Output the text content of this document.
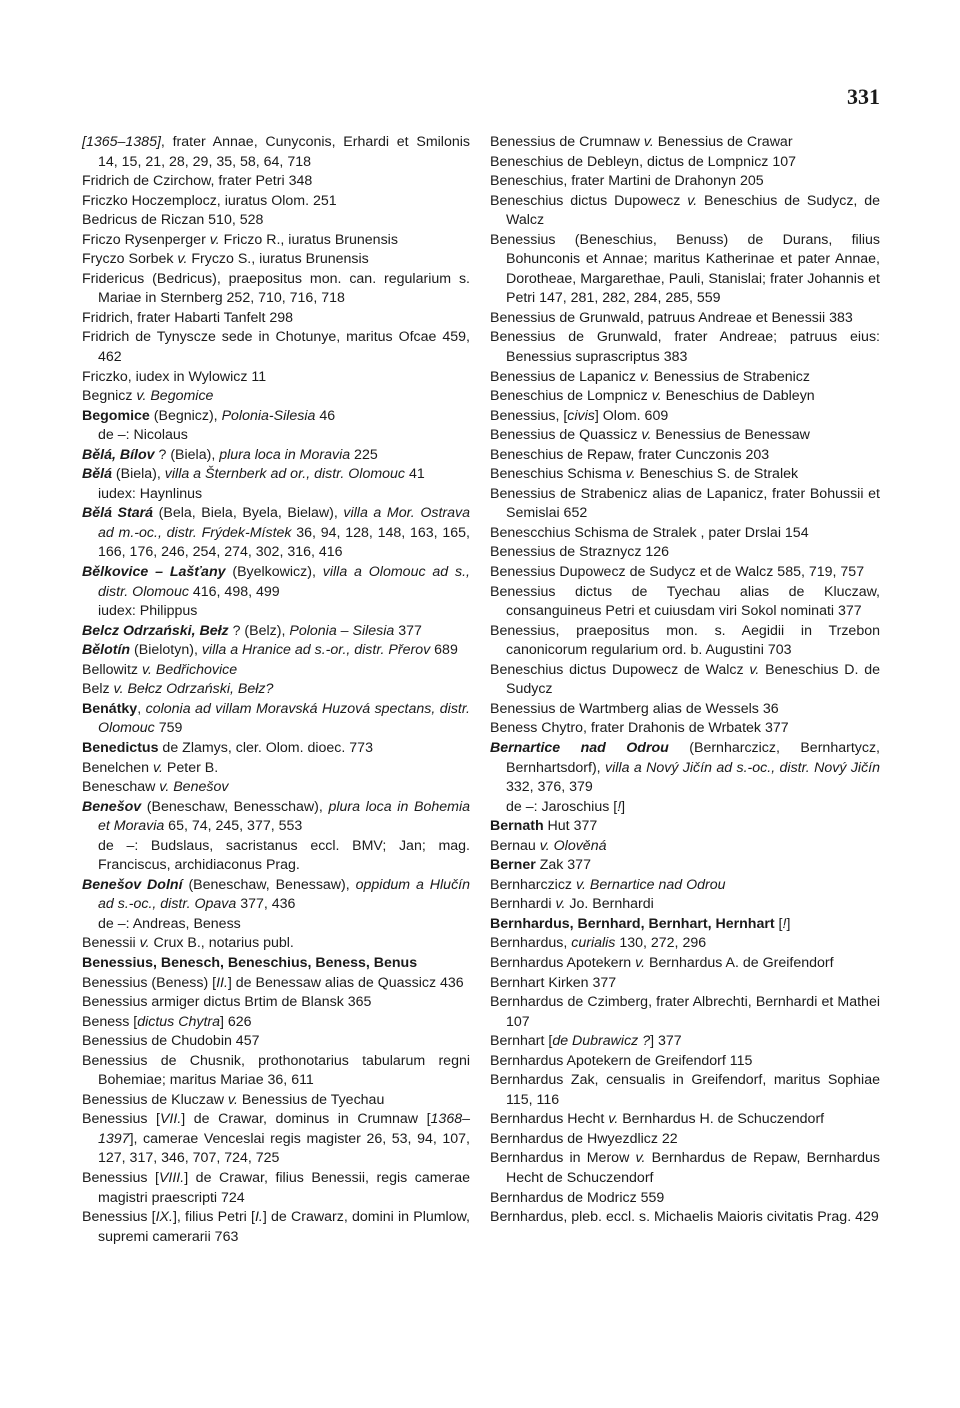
331
[1365–1385], frater Annae, Cunyconis, Erhardi et Smilonis 14, 15, 21, 28, 29, 35, 58, 64, 718
Fridrich de Czirchow, frater Petri 348
Friczko Hoczemplocz, iuratus Olom. 251
Bedricus de Riczan 510, 528
Friczo Rysenperger v. Friczo R., iuratus Brunensis
Fryczo Sorbek v. Fryczo S., iuratus Brunensis
Fridericus (Bedricus), praepositus mon. can. regularium s. Mariae in Sternberg 252, 710, 716, 718
Fridrich, frater Habarti Tanfelt 298
Fridrich de Tynyscze sede in Chotunye, maritus Ofcae 459, 462
Friczko, iudex in Wylowicz 11
Begnicz v. Begomice
Begomice (Begnicz), Polonia-Silesia 46
de –: Nicolaus
Bělá, Bílov ? (Biela), plura loca in Moravia 225
Bělá (Biela), villa a Šternberk ad or., distr. Olomouc 41
iudex: Haynlinus
Bělá Stará (Bela, Biela, Byela, Bielaw), villa a Mor. Ostrava ad m.-oc., distr. Frýdek-Místek 36, 94, 128, 148, 163, 165, 166, 176, 246, 254, 274, 302, 316, 416
Bělkovice – Lašťany (Byelkowicz), villa a Olomouc ad s., distr. Olomouc 416, 498, 499
iudex: Philippus
Belcz Odrzański, Bełz ? (Belz), Polonia – Silesia 377
Bělotín (Bielotyn), villa a Hranice ad s.-or., distr. Přerov 689
Bellowitz v. Bedřichovice
Belz v. Bełcz Odrzański, Bełz?
Benátky, colonia ad villam Moravská Huzová spectans, distr. Olomouc 759
Benedictus de Zlamys, cler. Olom. dioec. 773
Benelchen v. Peter B.
Beneschaw v. Benešov
Benešov (Beneschaw, Benesschaw), plura loca in Bohemia et Moravia 65, 74, 245, 377, 553
de –: Budslaus, sacristanus eccl. BMV; Jan; mag. Franciscus, archidiaconus Prag.
Benešov Dolní (Beneschaw, Benessaw), oppidum a Hlučín ad s.-oc., distr. Opava 377, 436
de –: Andreas, Beness
Benessii v. Crux B., notarius publ.
Benessius, Benesch, Beneschius, Beness, Benus
Benessius (Beness) [II.] de Benessaw alias de Quassicz 436
Benessius armiger dictus Brtim de Blansk 365
Beness [dictus Chytra] 626
Benessius de Chudobin 457
Benessius de Chusnik, prothonotarius tabularum regni Bohemiae; maritus Mariae 36, 611
Benessius de Kluczaw v. Benessius de Tyechau
Benessius [VII.] de Crawar, dominus in Crumnaw [1368–1397], camerae Venceslai regis magister 26, 53, 94, 107, 127, 317, 346, 707, 724, 725
Benessius [VIII.] de Crawar, filius Benessii, regis camerae magistri praescripti 724
Benessius [IX.], filius Petri [I.] de Crawarz, domini in Plumlow, supremi camerarii 763
Benessius de Crumnaw v. Benessius de Crawar
Beneschius de Debleyn, dictus de Lompnicz 107
Beneschius, frater Martini de Drahonyn 205
Beneschius dictus Dupowecz v. Beneschius de Sudycz, de Walcz
Benessius (Beneschius, Benuss) de Durans, filius Bohunconis et Annae; maritus Katherinae et pater Annae, Dorotheae, Margarethae, Pauli, Stanislai; frater Johannis et Petri 147, 281, 282, 284, 285, 559
Benessius de Grunwald, patruus Andreae et Benessii 383
Benessius de Grunwald, frater Andreae; patruus eius: Benessius suprascriptus 383
Benessius de Lapanicz v. Benessius de Strabenicz
Beneschius de Lompnicz v. Beneschius de Dableyn
Benessius, [civis] Olom. 609
Benessius de Quassicz v. Benessius de Benessaw
Beneschius de Repaw, frater Cunczonis 203
Beneschius Schisma v. Beneschius S. de Stralek
Benessius de Strabenicz alias de Lapanicz, frater Bohussii et Semislai 652
Benescchius Schisma de Stralek , pater Drslai 154
Benessius de Straznycz 126
Benessius Dupowecz de Sudycz et de Walcz 585, 719, 757
Benessius dictus de Tyechau alias de Kluczaw, consanguineus Petri et cuiusdam viri Sokol nominati 377
Benessius, praepositus mon. s. Aegidii in Trzebon canonicorum regularium ord. b. Augustini 703
Beneschius dictus Dupowecz de Walcz v. Beneschius D. de Sudycz
Benessius de Wartmberg alias de Wessels 36
Beness Chytro, frater Drahonis de Wrbatek 377
Bernartice nad Odrou (Bernharczicz, Bernhartycz, Bernhartsdorf), villa a Nový Jičín ad s.-oc., distr. Nový Jičín 332, 376, 379
de –: Jaroschius [!]
Bernath Hut 377
Bernau v. Olověná
Berner Zak 377
Bernharczicz v. Bernartice nad Odrou
Bernhardi v. Jo. Bernhardi
Bernhardus, Bernhard, Bernhart, Hernhart [!]
Bernhardus, curialis 130, 272, 296
Bernhardus Apotekern v. Bernhardus A. de Greifendorf
Bernhart Kirken 377
Bernhardus de Czimberg, frater Albrechti, Bernhardi et Mathei 107
Bernhart [de Dubrawicz ?] 377
Bernhardus Apotekern de Greifendorf 115
Bernhardus Zak, censualis in Greifendorf, maritus Sophiae 115, 116
Bernhardus Hecht v. Bernhardus H. de Schuczendorf
Bernhardus de Hwyezdlicz 22
Bernhardus in Merow v. Bernhardus de Repaw, Bernhardus Hecht de Schuczendorf
Bernhardus de Modricz 559
Bernhardus, pleb. eccl. s. Michaelis Maioris civitatis Prag. 429
